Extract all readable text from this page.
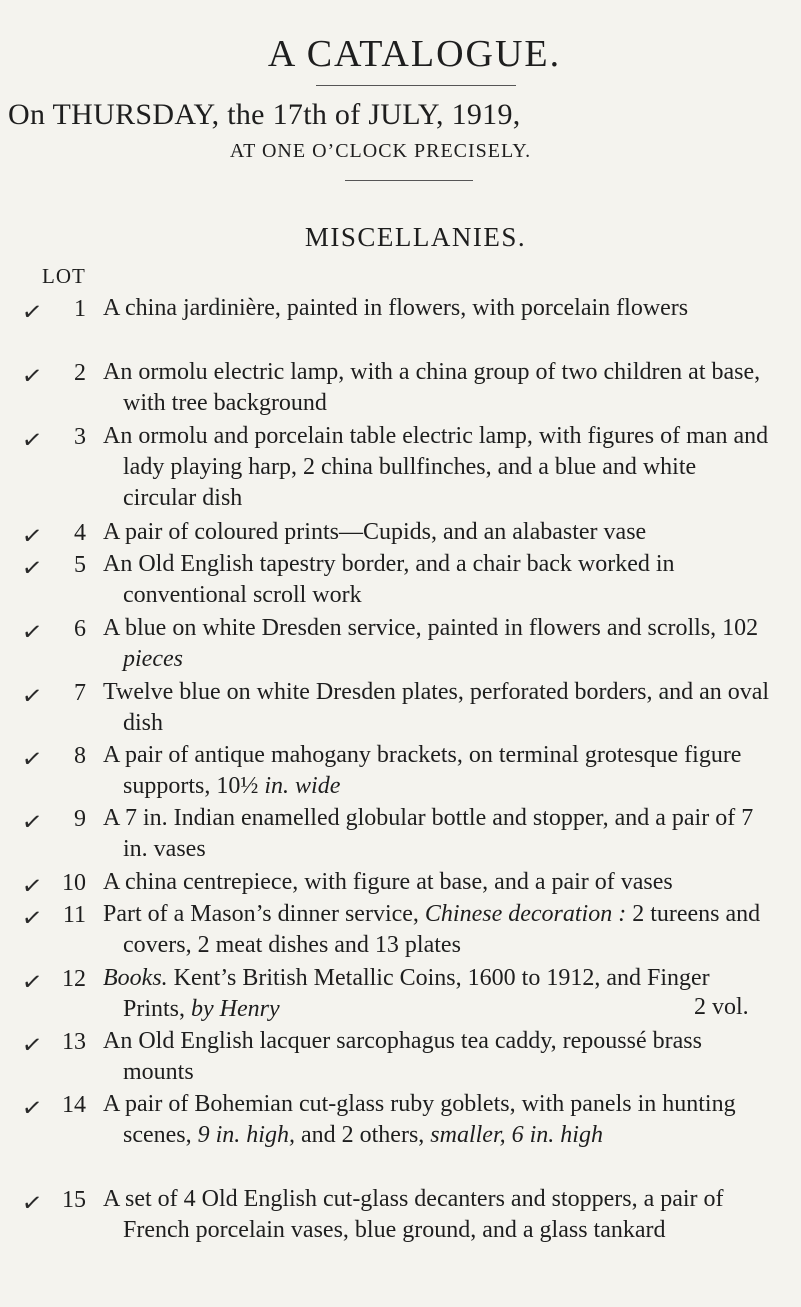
A CATALOGUE.
On THURSDAY, the 17th of JULY, 1919,
AT ONE O’CLOCK PRECISELY.
MISCELLANIES.
LOT
✓	1 A china jardinière, painted in flowers, with porcelain flowers
✓	2 An ormolu electric lamp, with a china group of two children at base, with tree background
✓	3 An ormolu and porcelain table electric lamp, with figures of man and lady playing harp, 2 china bullfinches, and a blue and white circular dish
✓	4 A pair of coloured prints—Cupids, and an alabaster vase
✓	5 An Old English tapestry border, and a chair back worked in conventional scroll work
✓	6 A blue on white Dresden service, painted in flowers and scrolls, 102 pieces
✓	7 Twelve blue on white Dresden plates, perforated borders, and an oval dish
✓	8 A pair of antique mahogany brackets, on terminal grotesque figure supports, 10½ in. wide
✓	9 A 7 in. Indian enamelled globular bottle and stopper, and a pair of 7 in. vases
✓ 10 A china centrepiece, with figure at base, and a pair of vases
✓ 11 Part of a Mason’s dinner service, Chinese decoration : 2 tureens and covers, 2 meat dishes and 13 plates
✓ 12 Books. Kent’s British Metallic Coins, 1600 to 1912, and Finger Prints, by Henry	2 vol.
✓ 13 An Old English lacquer sarcophagus tea caddy, repoussé brass mounts
✓ 14 A pair of Bohemian cut-glass ruby goblets, with panels in hunting scenes, 9 in. high, and 2 others, smaller, 6 in. high
✓ 15 A set of 4 Old English cut-glass decanters and stoppers, a pair of French porcelain vases, blue ground, and a glass tankard
